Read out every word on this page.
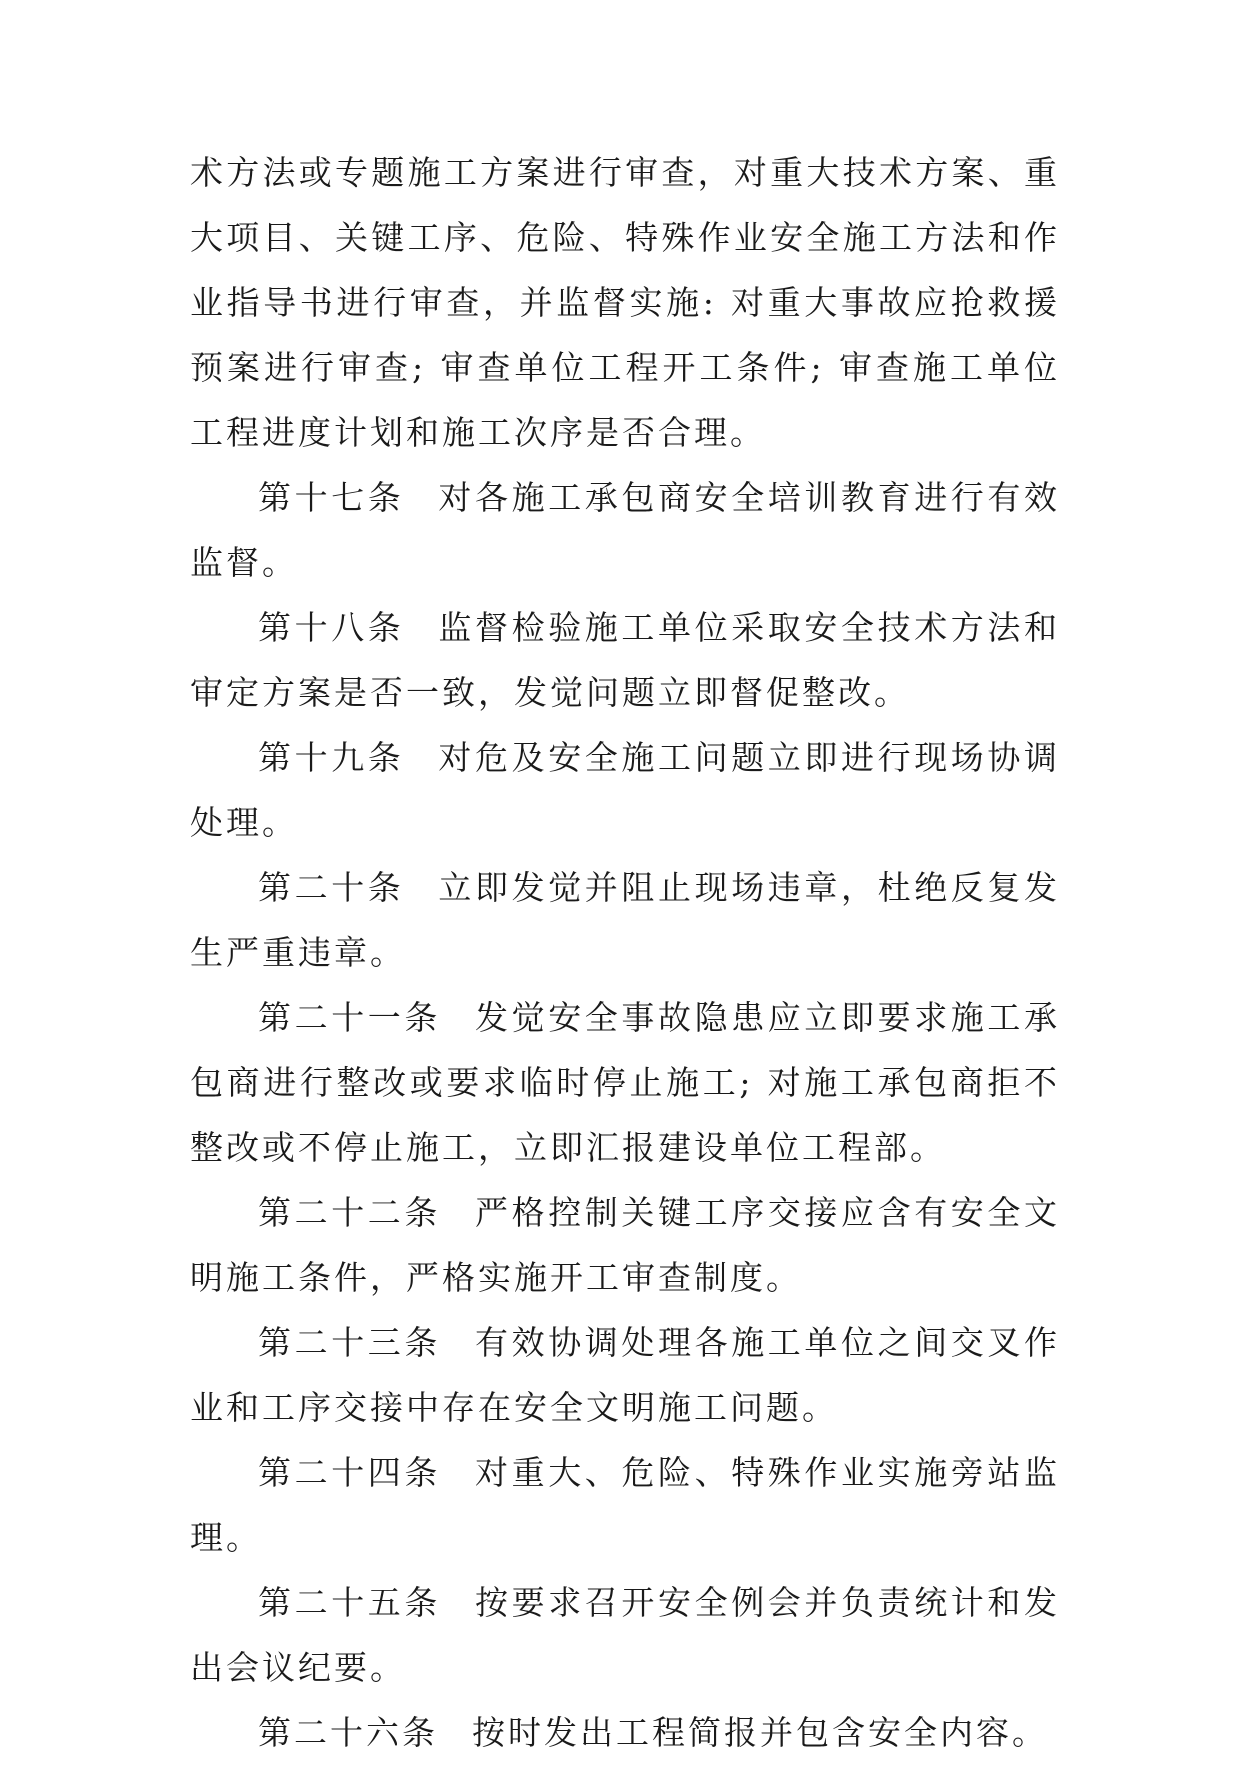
术方法或专题施工方案进行审查，对重大技术方案、重大项目、关键工序、危险、特殊作业安全施工方法和作业指导书进行审查，并监督实施: 对重大事故应抢救援预案进行审查; 审查单位工程开工条件; 审查施工单位工程进度计划和施工次序是否合理。

第十七条 对各施工承包商安全培训教育进行有效监督。

第十八条 监督检验施工单位采取安全技术方法和审定方案是否一致，发觉问题立即督促整改。

第十九条 对危及安全施工问题立即进行现场协调处理。

第二十条 立即发觉并阻止现场违章，杜绝反复发生严重违章。

第二十一条 发觉安全事故隐患应立即要求施工承包商进行整改或要求临时停止施工; 对施工承包商拒不整改或不停止施工，立即汇报建设单位工程部。

第二十二条 严格控制关键工序交接应含有安全文明施工条件，严格实施开工审查制度。

第二十三条 有效协调处理各施工单位之间交叉作业和工序交接中存在安全文明施工问题。

第二十四条 对重大、危险、特殊作业实施旁站监理。

第二十五条 按要求召开安全例会并负责统计和发出会议纪要。

第二十六条 按时发出工程简报并包含安全内容。
